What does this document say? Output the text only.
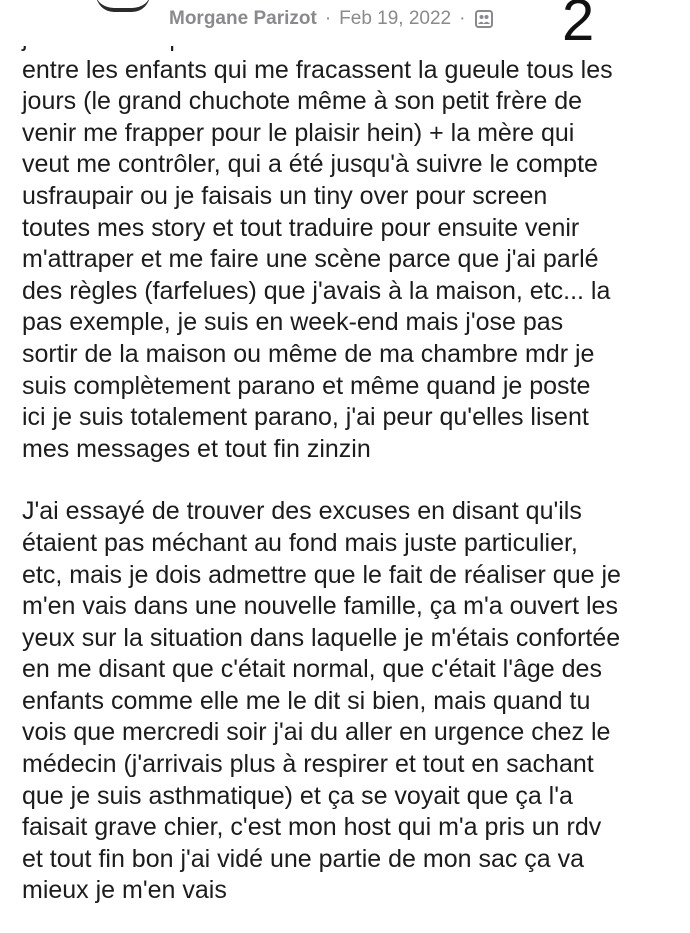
entre les enfants qui me fracassent la gueule tous les
jours (le grand chuchote même à son petit frère de
venir me frapper pour le plaisir hein) + la mère qui
veut me contrôler, qui a été jusqu'à suivre le compte
usfraupair ou je faisais un tiny over pour screen
toutes mes story et tout traduire pour ensuite venir
m'attraper et me faire une scène parce que j'ai parlé
des règles (farfelues) que j'avais à la maison, etc... la
pas exemple, je suis en week-end mais j'ose pas
sortir de la maison ou même de ma chambre mdr je
suis complètement parano et même quand je poste
ici je suis totalement parano, j'ai peur qu'elles lisent
mes messages et tout fin zinzin

J'ai essayé de trouver des excuses en disant qu'ils
étaient pas méchant au fond mais juste particulier,
etc, mais je dois admettre que le fait de réaliser que je
m'en vais dans une nouvelle famille, ça m'a ouvert les
yeux sur la situation dans laquelle je m'étais confortée
en me disant que c'était normal, que c'était l'âge des
enfants comme elle me le dit si bien, mais quand tu
vois que mercredi soir j'ai du aller en urgence chez le
médecin (j'arrivais plus à respirer et tout en sachant
que je suis asthmatique) et ça se voyait que ça l'a
faisait grave chier, c'est mon host qui m'a pris un rdv
et tout fin bon j'ai vidé une partie de mon sac ça va
mieux je m'en vais

Morgane Parizot · Feb 19, 2022 · 2
